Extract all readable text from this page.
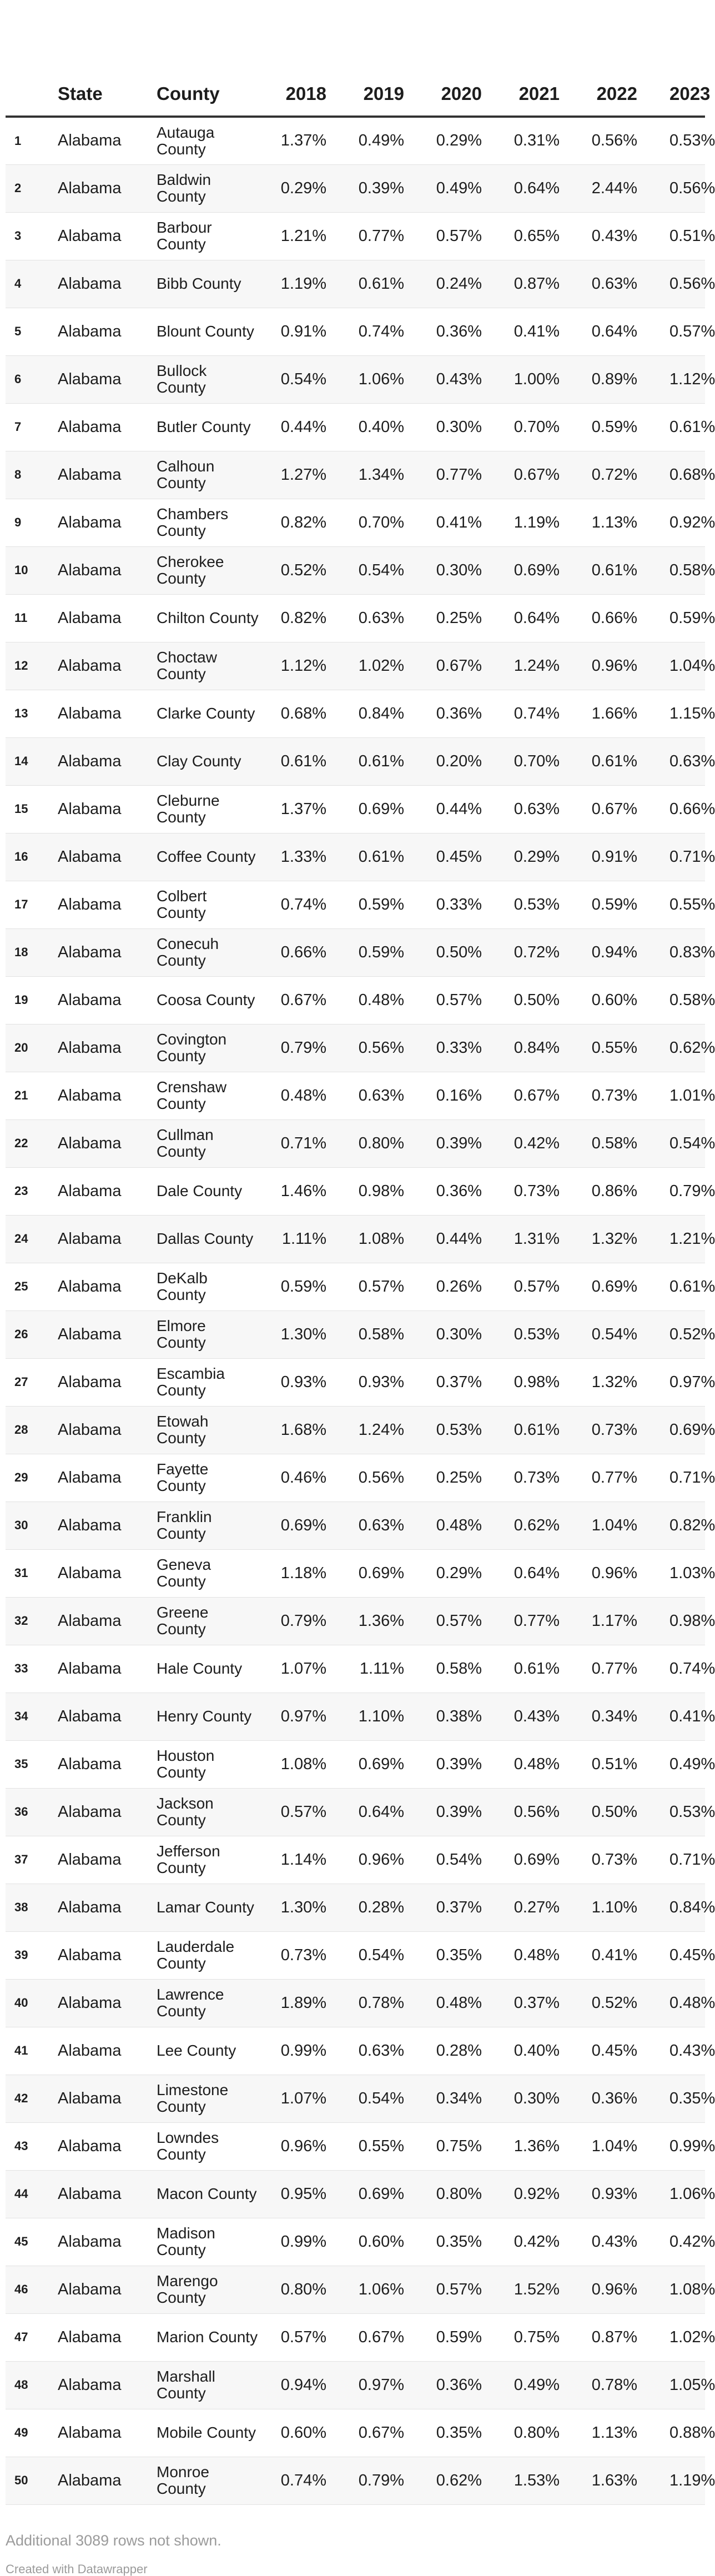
	State	County	2018	2019	2020	2021	2022	2023
1	Alabama	Autauga County	1.37%	0.49%	0.29%	0.31%	0.56%	0.53%
2	Alabama	Baldwin County	0.29%	0.39%	0.49%	0.64%	2.44%	0.56%
3	Alabama	Barbour County	1.21%	0.77%	0.57%	0.65%	0.43%	0.51%
4	Alabama	Bibb County	1.19%	0.61%	0.24%	0.87%	0.63%	0.56%
5	Alabama	Blount County	0.91%	0.74%	0.36%	0.41%	0.64%	0.57%
6	Alabama	Bullock County	0.54%	1.06%	0.43%	1.00%	0.89%	1.12%
7	Alabama	Butler County	0.44%	0.40%	0.30%	0.70%	0.59%	0.61%
8	Alabama	Calhoun County	1.27%	1.34%	0.77%	0.67%	0.72%	0.68%
9	Alabama	Chambers County	0.82%	0.70%	0.41%	1.19%	1.13%	0.92%
10	Alabama	Cherokee County	0.52%	0.54%	0.30%	0.69%	0.61%	0.58%
11	Alabama	Chilton County	0.82%	0.63%	0.25%	0.64%	0.66%	0.59%
12	Alabama	Choctaw County	1.12%	1.02%	0.67%	1.24%	0.96%	1.04%
13	Alabama	Clarke County	0.68%	0.84%	0.36%	0.74%	1.66%	1.15%
14	Alabama	Clay County	0.61%	0.61%	0.20%	0.70%	0.61%	0.63%
15	Alabama	Cleburne County	1.37%	0.69%	0.44%	0.63%	0.67%	0.66%
16	Alabama	Coffee County	1.33%	0.61%	0.45%	0.29%	0.91%	0.71%
17	Alabama	Colbert County	0.74%	0.59%	0.33%	0.53%	0.59%	0.55%
18	Alabama	Conecuh County	0.66%	0.59%	0.50%	0.72%	0.94%	0.83%
19	Alabama	Coosa County	0.67%	0.48%	0.57%	0.50%	0.60%	0.58%
20	Alabama	Covington County	0.79%	0.56%	0.33%	0.84%	0.55%	0.62%
21	Alabama	Crenshaw County	0.48%	0.63%	0.16%	0.67%	0.73%	1.01%
22	Alabama	Cullman County	0.71%	0.80%	0.39%	0.42%	0.58%	0.54%
23	Alabama	Dale County	1.46%	0.98%	0.36%	0.73%	0.86%	0.79%
24	Alabama	Dallas County	1.11%	1.08%	0.44%	1.31%	1.32%	1.21%
25	Alabama	DeKalb County	0.59%	0.57%	0.26%	0.57%	0.69%	0.61%
26	Alabama	Elmore County	1.30%	0.58%	0.30%	0.53%	0.54%	0.52%
27	Alabama	Escambia County	0.93%	0.93%	0.37%	0.98%	1.32%	0.97%
28	Alabama	Etowah County	1.68%	1.24%	0.53%	0.61%	0.73%	0.69%
29	Alabama	Fayette County	0.46%	0.56%	0.25%	0.73%	0.77%	0.71%
30	Alabama	Franklin County	0.69%	0.63%	0.48%	0.62%	1.04%	0.82%
31	Alabama	Geneva County	1.18%	0.69%	0.29%	0.64%	0.96%	1.03%
32	Alabama	Greene County	0.79%	1.36%	0.57%	0.77%	1.17%	0.98%
33	Alabama	Hale County	1.07%	1.11%	0.58%	0.61%	0.77%	0.74%
34	Alabama	Henry County	0.97%	1.10%	0.38%	0.43%	0.34%	0.41%
35	Alabama	Houston County	1.08%	0.69%	0.39%	0.48%	0.51%	0.49%
36	Alabama	Jackson County	0.57%	0.64%	0.39%	0.56%	0.50%	0.53%
37	Alabama	Jefferson County	1.14%	0.96%	0.54%	0.69%	0.73%	0.71%
38	Alabama	Lamar County	1.30%	0.28%	0.37%	0.27%	1.10%	0.84%
39	Alabama	Lauderdale County	0.73%	0.54%	0.35%	0.48%	0.41%	0.45%
40	Alabama	Lawrence County	1.89%	0.78%	0.48%	0.37%	0.52%	0.48%
41	Alabama	Lee County	0.99%	0.63%	0.28%	0.40%	0.45%	0.43%
42	Alabama	Limestone County	1.07%	0.54%	0.34%	0.30%	0.36%	0.35%
43	Alabama	Lowndes County	0.96%	0.55%	0.75%	1.36%	1.04%	0.99%
44	Alabama	Macon County	0.95%	0.69%	0.80%	0.92%	0.93%	1.06%
45	Alabama	Madison County	0.99%	0.60%	0.35%	0.42%	0.43%	0.42%
46	Alabama	Marengo County	0.80%	1.06%	0.57%	1.52%	0.96%	1.08%
47	Alabama	Marion County	0.57%	0.67%	0.59%	0.75%	0.87%	1.02%
48	Alabama	Marshall County	0.94%	0.97%	0.36%	0.49%	0.78%	1.05%
49	Alabama	Mobile County	0.60%	0.67%	0.35%	0.80%	1.13%	0.88%
50	Alabama	Monroe County	0.74%	0.79%	0.62%	1.53%	1.63%	1.19%
Additional 3089 rows not shown.
Created with Datawrapper
